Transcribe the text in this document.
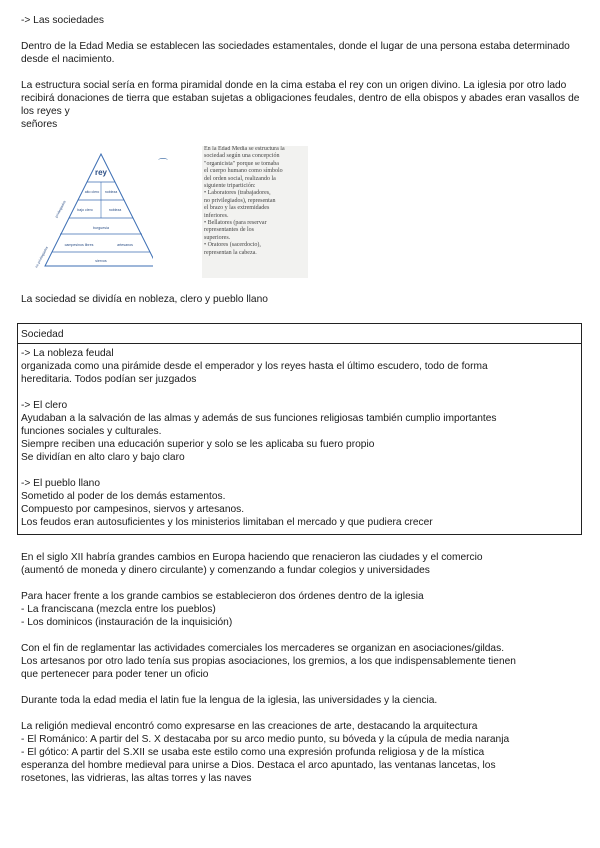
-> Las sociedades

Dentro de la Edad Media se establecen las sociedades estamentales, donde el lugar de una persona estaba determinado desde el nacimiento.

La estructura social sería en forma piramidal donde en la cima estaba el rey con un origen divino. La iglesia por otro lado recibirá donaciones de tierra que estaban sujetas a obligaciones feudales, dentro de ella obispos y abades eran vasallos de los reyes y

señores

rey
alto clero nobleza
bajo clero	nobleza
burguesía
campesinos libres	artesanos
siervos
privilegiados
no privilegiados
⌒
En la Edad Media se estructura la
sociedad según una concepción
"organicista" porque se tomaba
el cuerpo humano como símbolo
del orden social, realizando la
siguiente tripartición:
• Laboratores (trabajadores,
no privilegiados), representan
el brazo y las extremidades
inferiores.
• Bellatores (para reservar
representantes de los
superiores.
• Oratores (sacerdocio),
representan la cabeza.

La sociedad se dividía en nobleza, clero y pueblo llano

Sociedad

-> La nobleza feudal

organizada como una pirámide desde el emperador y los reyes hasta el último escudero, todo de forma

hereditaria. Todos podían ser juzgados

-> El clero

Ayudaban a la salvación de las almas y además de sus funciones religiosas también cumplio importantes

funciones sociales y culturales.

Siempre reciben una educación superior y solo se les aplicaba su fuero propio

Se dividían en alto claro y bajo claro

-> El pueblo llano

Sometido al poder de los demás estamentos.

Compuesto por campesinos, siervos y artesanos.

Los feudos eran autosuficientes y los ministerios limitaban el mercado y que pudiera crecer

En el siglo XII habría grandes cambios en Europa haciendo que renacieron las ciudades y el comercio

(aumentó de moneda y dinero circulante) y comenzando a fundar colegios y universidades

Para hacer frente a los grande cambios se establecieron dos órdenes dentro de la iglesia

- La franciscana (mezcla entre los pueblos)

- Los dominicos (instauración de la inquisición)

Con el fin de reglamentar las actividades comerciales los mercaderes se organizan en asociaciones/gildas.

Los artesanos por otro lado tenía sus propias asociaciones, los gremios, a los que indispensablemente tienen

que pertenecer para poder tener un oficio

Durante toda la edad media el latin fue la lengua de la iglesia, las universidades y la ciencia.

La religión medieval encontró como expresarse en las creaciones de arte, destacando la arquitectura

- El Románico: A partir del S. X destacaba por su arco medio punto, su bóveda y la cúpula de media naranja

- El gótico: A partir del S.XII se usaba este estilo como una expresión profunda religiosa y de la mística

esperanza del hombre medieval para unirse a Dios. Destaca el arco apuntado, las ventanas lancetas, los

rosetones, las vidrieras, las altas torres y las naves
